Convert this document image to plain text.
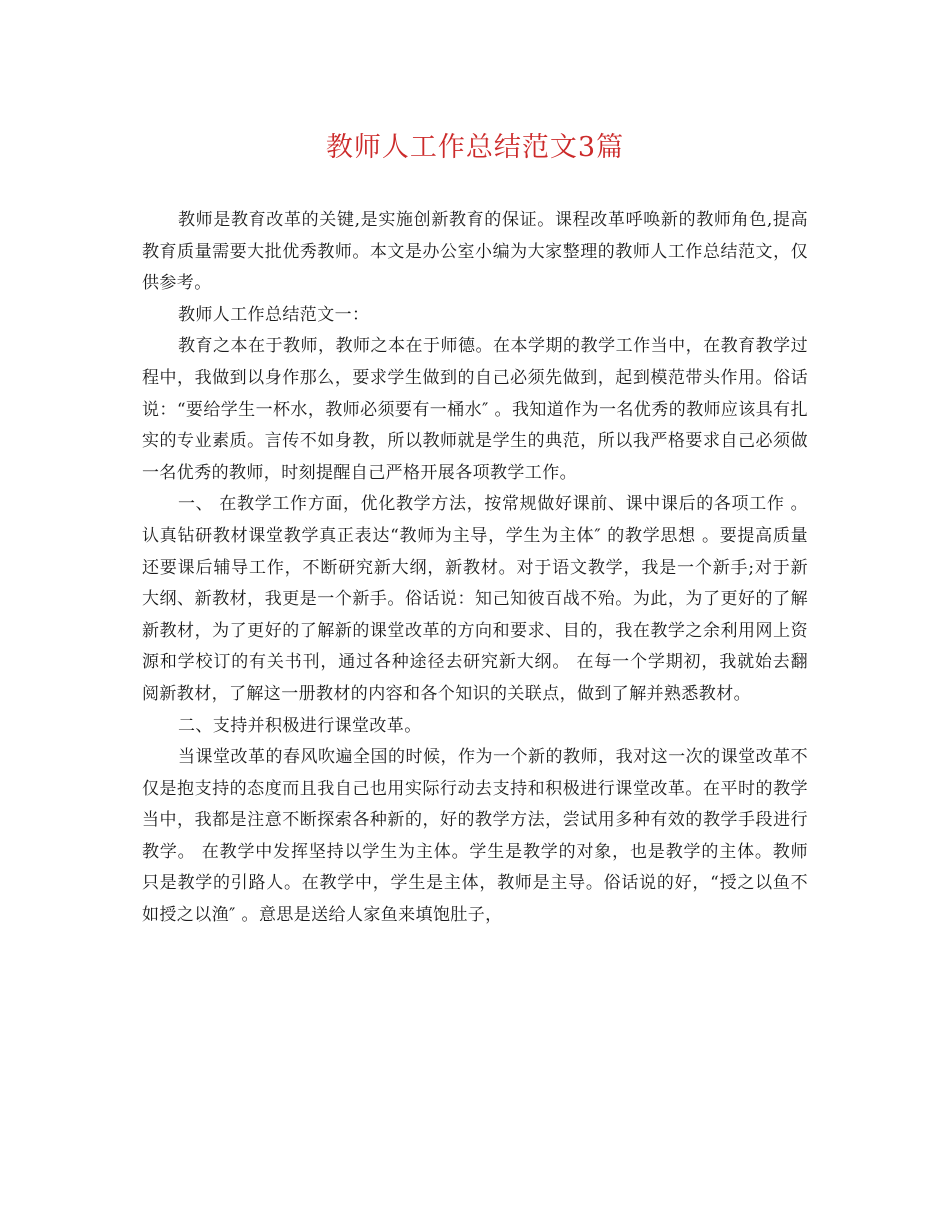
教师人工作总结范文3篇

教师是教育改革的关键,是实施创新教育的保证。课程改革呼唤新的教师角色,提高教育质量需要大批优秀教师。本文是办公室小编为大家整理的教师人工作总结范文，仅供参考。

教师人工作总结范文一：

教育之本在于教师，教师之本在于师德。在本学期的教学工作当中，在教育教学过程中，我做到以身作那么，要求学生做到的自己必须先做到，起到模范带头作用。俗话说：“要给学生一杯水，教师必须要有一桶水″ 。我知道作为一名优秀的教师应该具有扎实的专业素质。言传不如身教，所以教师就是学生的典范，所以我严格要求自己必须做一名优秀的教师，时刻提醒自己严格开展各项教学工作。

一、 在教学工作方面，优化教学方法，按常规做好课前、课中课后的各项工作 。认真钻研教材课堂教学真正表达“教师为主导，学生为主体″ 的教学思想 。要提高质量还要课后辅导工作，不断研究新大纲，新教材。对于语文教学，我是一个新手;对于新大纲、新教材，我更是一个新手。俗话说：知己知彼百战不殆。为此，为了更好的了解新教材，为了更好的了解新的课堂改革的方向和要求、目的，我在教学之余利用网上资源和学校订的有关书刊，通过各种途径去研究新大纲。 在每一个学期初，我就始去翻阅新教材，了解这一册教材的内容和各个知识的关联点，做到了解并熟悉教材。

二、支持并积极进行课堂改革。

当课堂改革的春风吹遍全国的时候，作为一个新的教师，我对这一次的课堂改革不仅是抱支持的态度而且我自己也用实际行动去支持和积极进行课堂改革。在平时的教学当中，我都是注意不断探索各种新的，好的教学方法，尝试用多种有效的教学手段进行教学。 在教学中发挥坚持以学生为主体。学生是教学的对象，也是教学的主体。教师只是教学的引路人。在教学中，学生是主体，教师是主导。俗话说的好，“授之以鱼不如授之以渔″ 。意思是送给人家鱼来填饱肚子，
